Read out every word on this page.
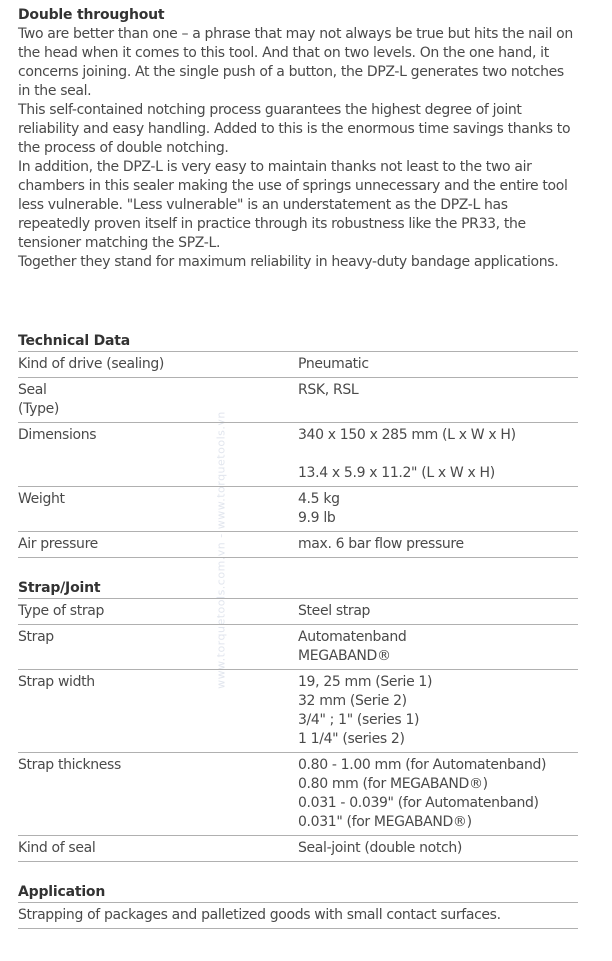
www.torquetools.com.vn - www.torquetools.vn
Double throughout

Two are better than one – a phrase that may not always be true but hits the nail on the head when it comes to this tool. And that on two levels. On the one hand, it concerns joining. At the single push of a button, the DPZ-L generates two notches in the seal.

This self-contained notching process guarantees the highest degree of joint reliability and easy handling. Added to this is the enormous time savings thanks to the process of double notching.

In addition, the DPZ-L is very easy to maintain thanks not least to the two air chambers in this sealer making the use of springs unnecessary and the entire tool less vulnerable. "Less vulnerable" is an understatement as the DPZ-L has repeatedly proven itself in practice through its robustness like the PR33, the tensioner matching the SPZ-L.

Together they stand for maximum reliability in heavy-duty bandage applications.

Technical Data
Kind of drive (sealing)	Pneumatic

Seal
(Type)	RSK, RSL

Dimensions	340 x 150 x 285 mm (L x W x H)
13.4 x 5.9 x 11.2" (L x W x H)

Weight	4.5 kg
9.9 lb

Air pressure	max. 6 bar flow pressure
Strap/Joint
Type of strap	Steel strap

Strap	Automatenband
MEGABAND®

Strap width	19, 25 mm (Serie 1)
32 mm (Serie 2)
3/4" ; 1" (series 1)
1 1/4" (series 2)

Strap thickness	0.80 - 1.00 mm (for Automatenband)
0.80 mm (for MEGABAND®)
0.031 - 0.039" (for Automatenband)
0.031" (for MEGABAND®)

Kind of seal	Seal-joint (double notch)
Application
Strapping of packages and palletized goods with small contact surfaces.
